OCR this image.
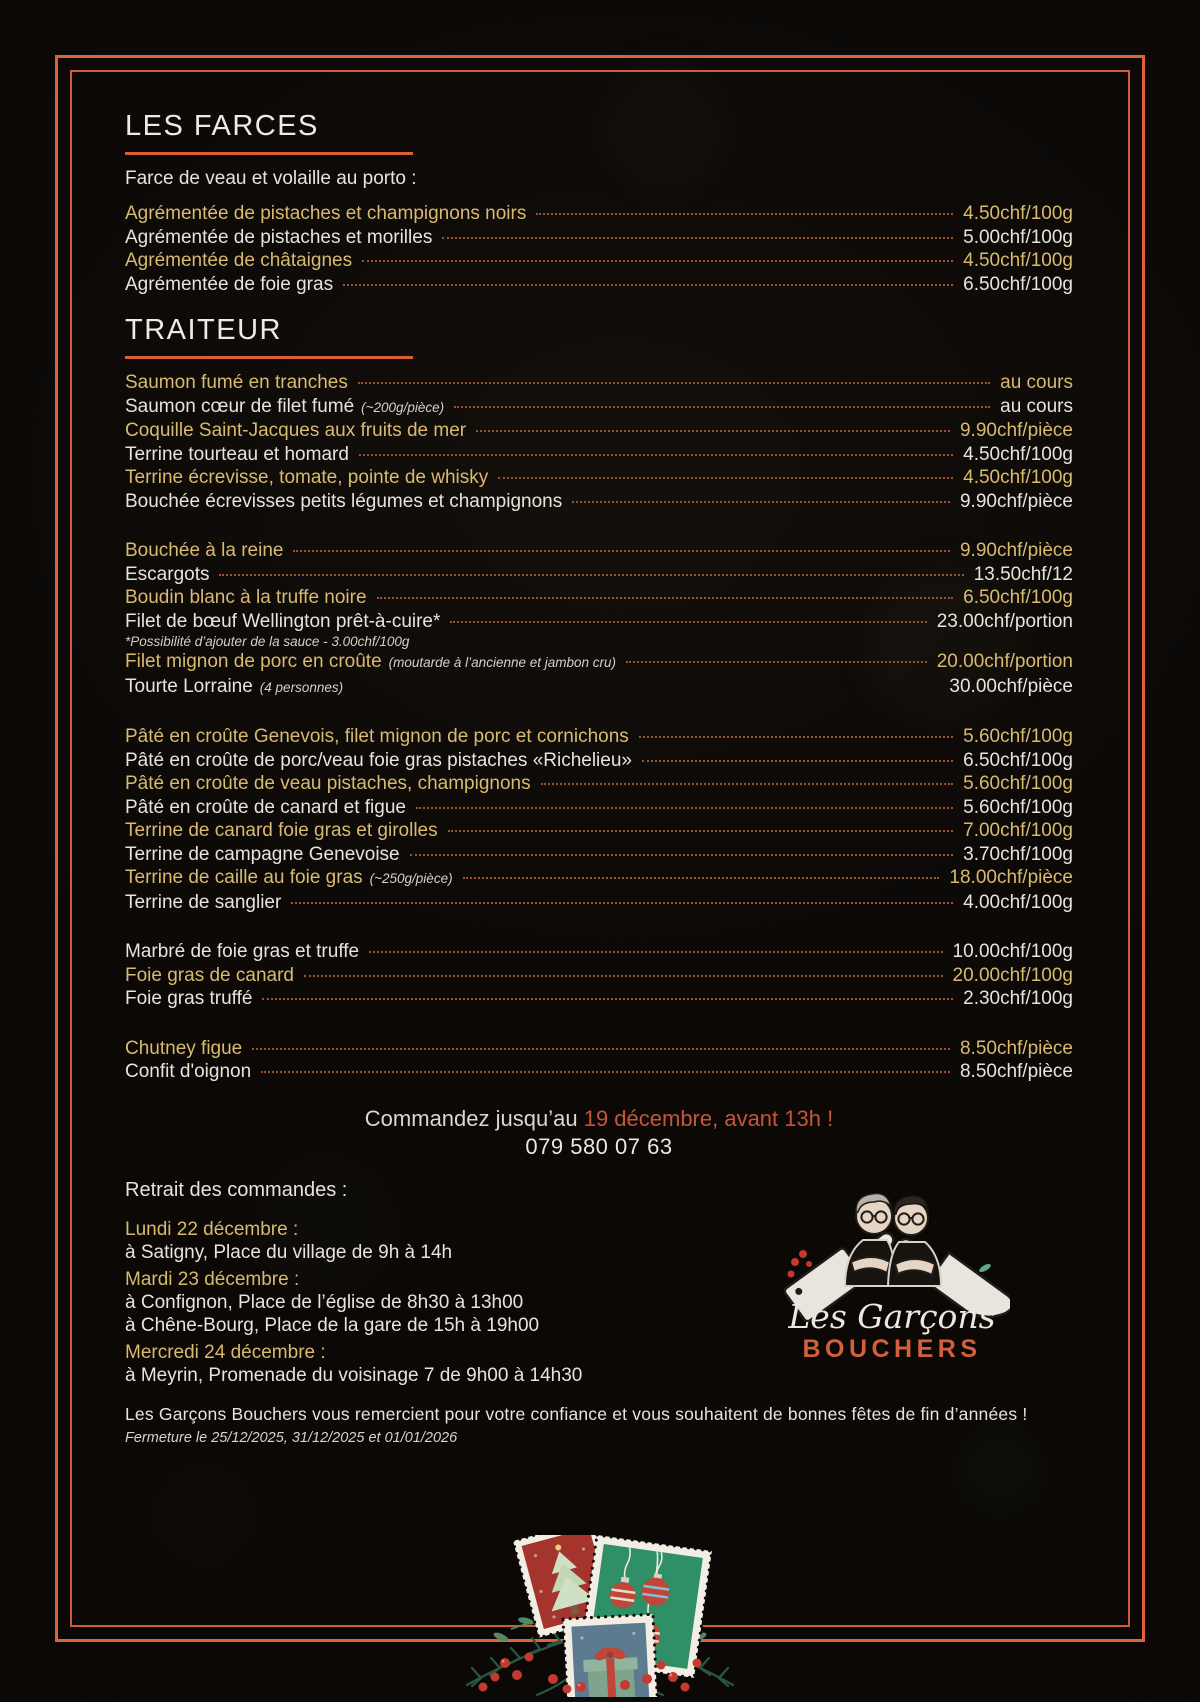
LES FARCES

Farce de veau et volaille au porto :

Agrémentée de pistaches et champignons noirs	4.50chf/100g
Agrémentée de pistaches et morilles	5.00chf/100g
Agrémentée de châtaignes	4.50chf/100g
Agrémentée de foie gras	6.50chf/100g
TRAITEUR
Saumon fumé en tranches	au cours
Saumon cœur de filet fumé (~200g/pièce)	au cours
Coquille Saint-Jacques aux fruits de mer	9.90chf/pièce
Terrine tourteau et homard	4.50chf/100g
Terrine écrevisse, tomate, pointe de whisky	4.50chf/100g
Bouchée écrevisses petits légumes et champignons	9.90chf/pièce
Bouchée à la reine	9.90chf/pièce
Escargots	13.50chf/12
Boudin blanc à la truffe noire	6.50chf/100g
Filet de bœuf Wellington prêt-à-cuire*	23.00chf/portion
*Possibilité d’ajouter de la sauce - 3.00chf/100g
Filet mignon de porc en croûte (moutarde à l’ancienne et jambon cru)	20.00chf/portion
Tourte Lorraine (4 personnes)	30.00chf/pièce
Pâté en croûte Genevois, filet mignon de porc et cornichons	5.60chf/100g
Pâté en croûte de porc/veau foie gras pistaches «Richelieu»	6.50chf/100g
Pâté en croûte de veau pistaches, champignons	5.60chf/100g
Pâté en croûte de canard et figue	5.60chf/100g
Terrine de canard foie gras et girolles	7.00chf/100g
Terrine de campagne Genevoise	3.70chf/100g
Terrine de caille au foie gras (~250g/pièce)	18.00chf/pièce
Terrine de sanglier	4.00chf/100g
Marbré de foie gras et truffe	10.00chf/100g
Foie gras de canard	20.00chf/100g
Foie gras truffé	2.30chf/100g
Chutney figue	8.50chf/pièce
Confit d'oignon	8.50chf/pièce

Commandez jusqu’au 19 décembre, avant 13h !

079 580 07 63

Retrait des commandes :

Lundi 22 décembre :
à Satigny, Place du village de 9h à 14h
Mardi 23 décembre :
à Confignon, Place de l’église de 8h30 à 13h00
à Chêne-Bourg, Place de la gare de 15h à 19h00
Mercredi 24 décembre :
à Meyrin, Promenade du voisinage 7 de 9h00 à 14h30

Les Garçons Bouchers vous remercient pour votre confiance et vous souhaitent de bonnes fêtes de fin d’années !

Fermeture le 25/12/2025, 31/12/2025 et 01/01/2026

Les Garçons
BOUCHERS
